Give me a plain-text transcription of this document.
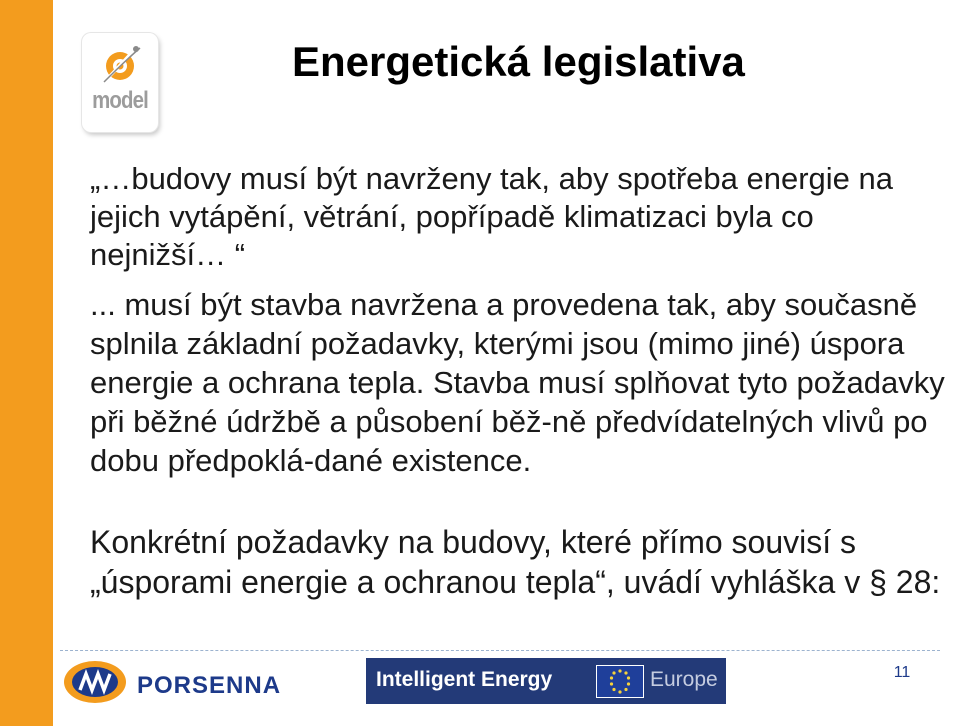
model
Energetická legislativa

„…budovy musí být navrženy tak, aby spotřeba energie na jejich vytápění, větrání, popřípadě klimatizaci byla co nejnižší… “

... musí být stavba navržena a provedena tak, aby současně splnila základní požadavky, kterými jsou (mimo jiné) úspora energie a ochrana tepla. Stavba musí splňovat tyto požadavky při běžné údržbě a působení běž-ně předvídatelných vlivů po dobu předpoklá-dané existence.

Konkrétní požadavky na budovy, které přímo souvisí s „úsporami energie a ochranou tepla“, uvádí vyhláška v § 28:

PORSENNA	Intelligent Energy	Europe	11
